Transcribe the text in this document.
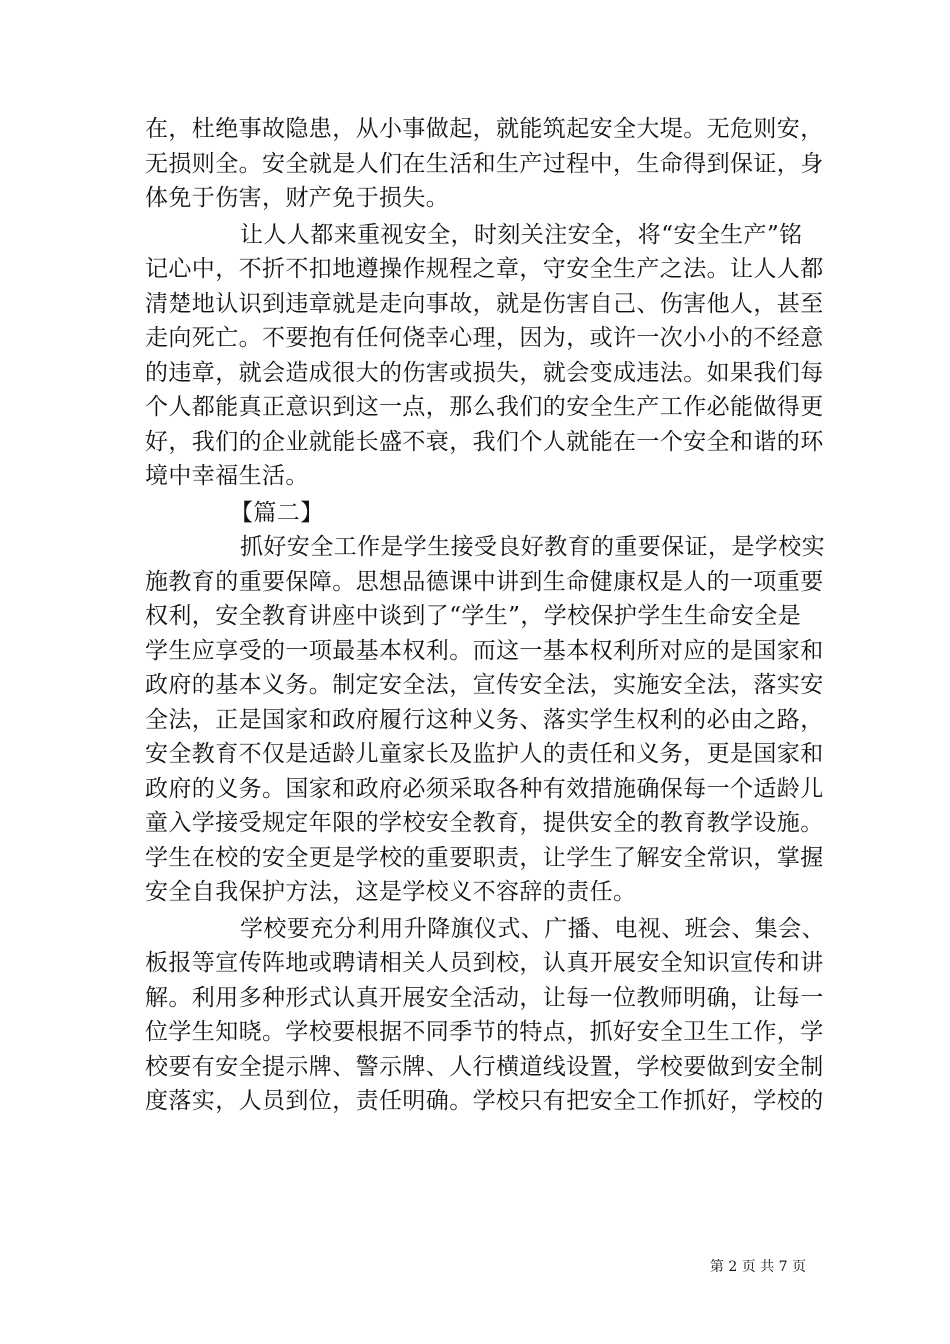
在，杜绝事故隐患，从小事做起，就能筑起安全大堤。无危则安，
无损则全。安全就是人们在生活和生产过程中，生命得到保证，身
体免于伤害，财产免于损失。
让人人都来重视安全，时刻关注安全，将“安全生产”铭
记心中，不折不扣地遵操作规程之章，守安全生产之法。让人人都
清楚地认识到违章就是走向事故，就是伤害自己、伤害他人，甚至
走向死亡。不要抱有任何侥幸心理，因为，或许一次小小的不经意
的违章，就会造成很大的伤害或损失，就会变成违法。如果我们每
个人都能真正意识到这一点，那么我们的安全生产工作必能做得更
好，我们的企业就能长盛不衰，我们个人就能在一个安全和谐的环
境中幸福生活。
【篇二】
抓好安全工作是学生接受良好教育的重要保证，是学校实
施教育的重要保障。思想品德课中讲到生命健康权是人的一项重要
权利，安全教育讲座中谈到了“学生”，学校保护学生生命安全是
学生应享受的一项最基本权利。而这一基本权利所对应的是国家和
政府的基本义务。制定安全法，宣传安全法，实施安全法，落实安
全法，正是国家和政府履行这种义务、落实学生权利的必由之路，
安全教育不仅是适龄儿童家长及监护人的责任和义务，更是国家和
政府的义务。国家和政府必须采取各种有效措施确保每一个适龄儿
童入学接受规定年限的学校安全教育，提供安全的教育教学设施。
学生在校的安全更是学校的重要职责，让学生了解安全常识，掌握
安全自我保护方法，这是学校义不容辞的责任。
学校要充分利用升降旗仪式、广播、电视、班会、集会、
板报等宣传阵地或聘请相关人员到校，认真开展安全知识宣传和讲
解。利用多种形式认真开展安全活动，让每一位教师明确，让每一
位学生知晓。学校要根据不同季节的特点，抓好安全卫生工作，学
校要有安全提示牌、警示牌、人行横道线设置，学校要做到安全制
度落实，人员到位，责任明确。学校只有把安全工作抓好，学校的
第 2 页 共 7 页
